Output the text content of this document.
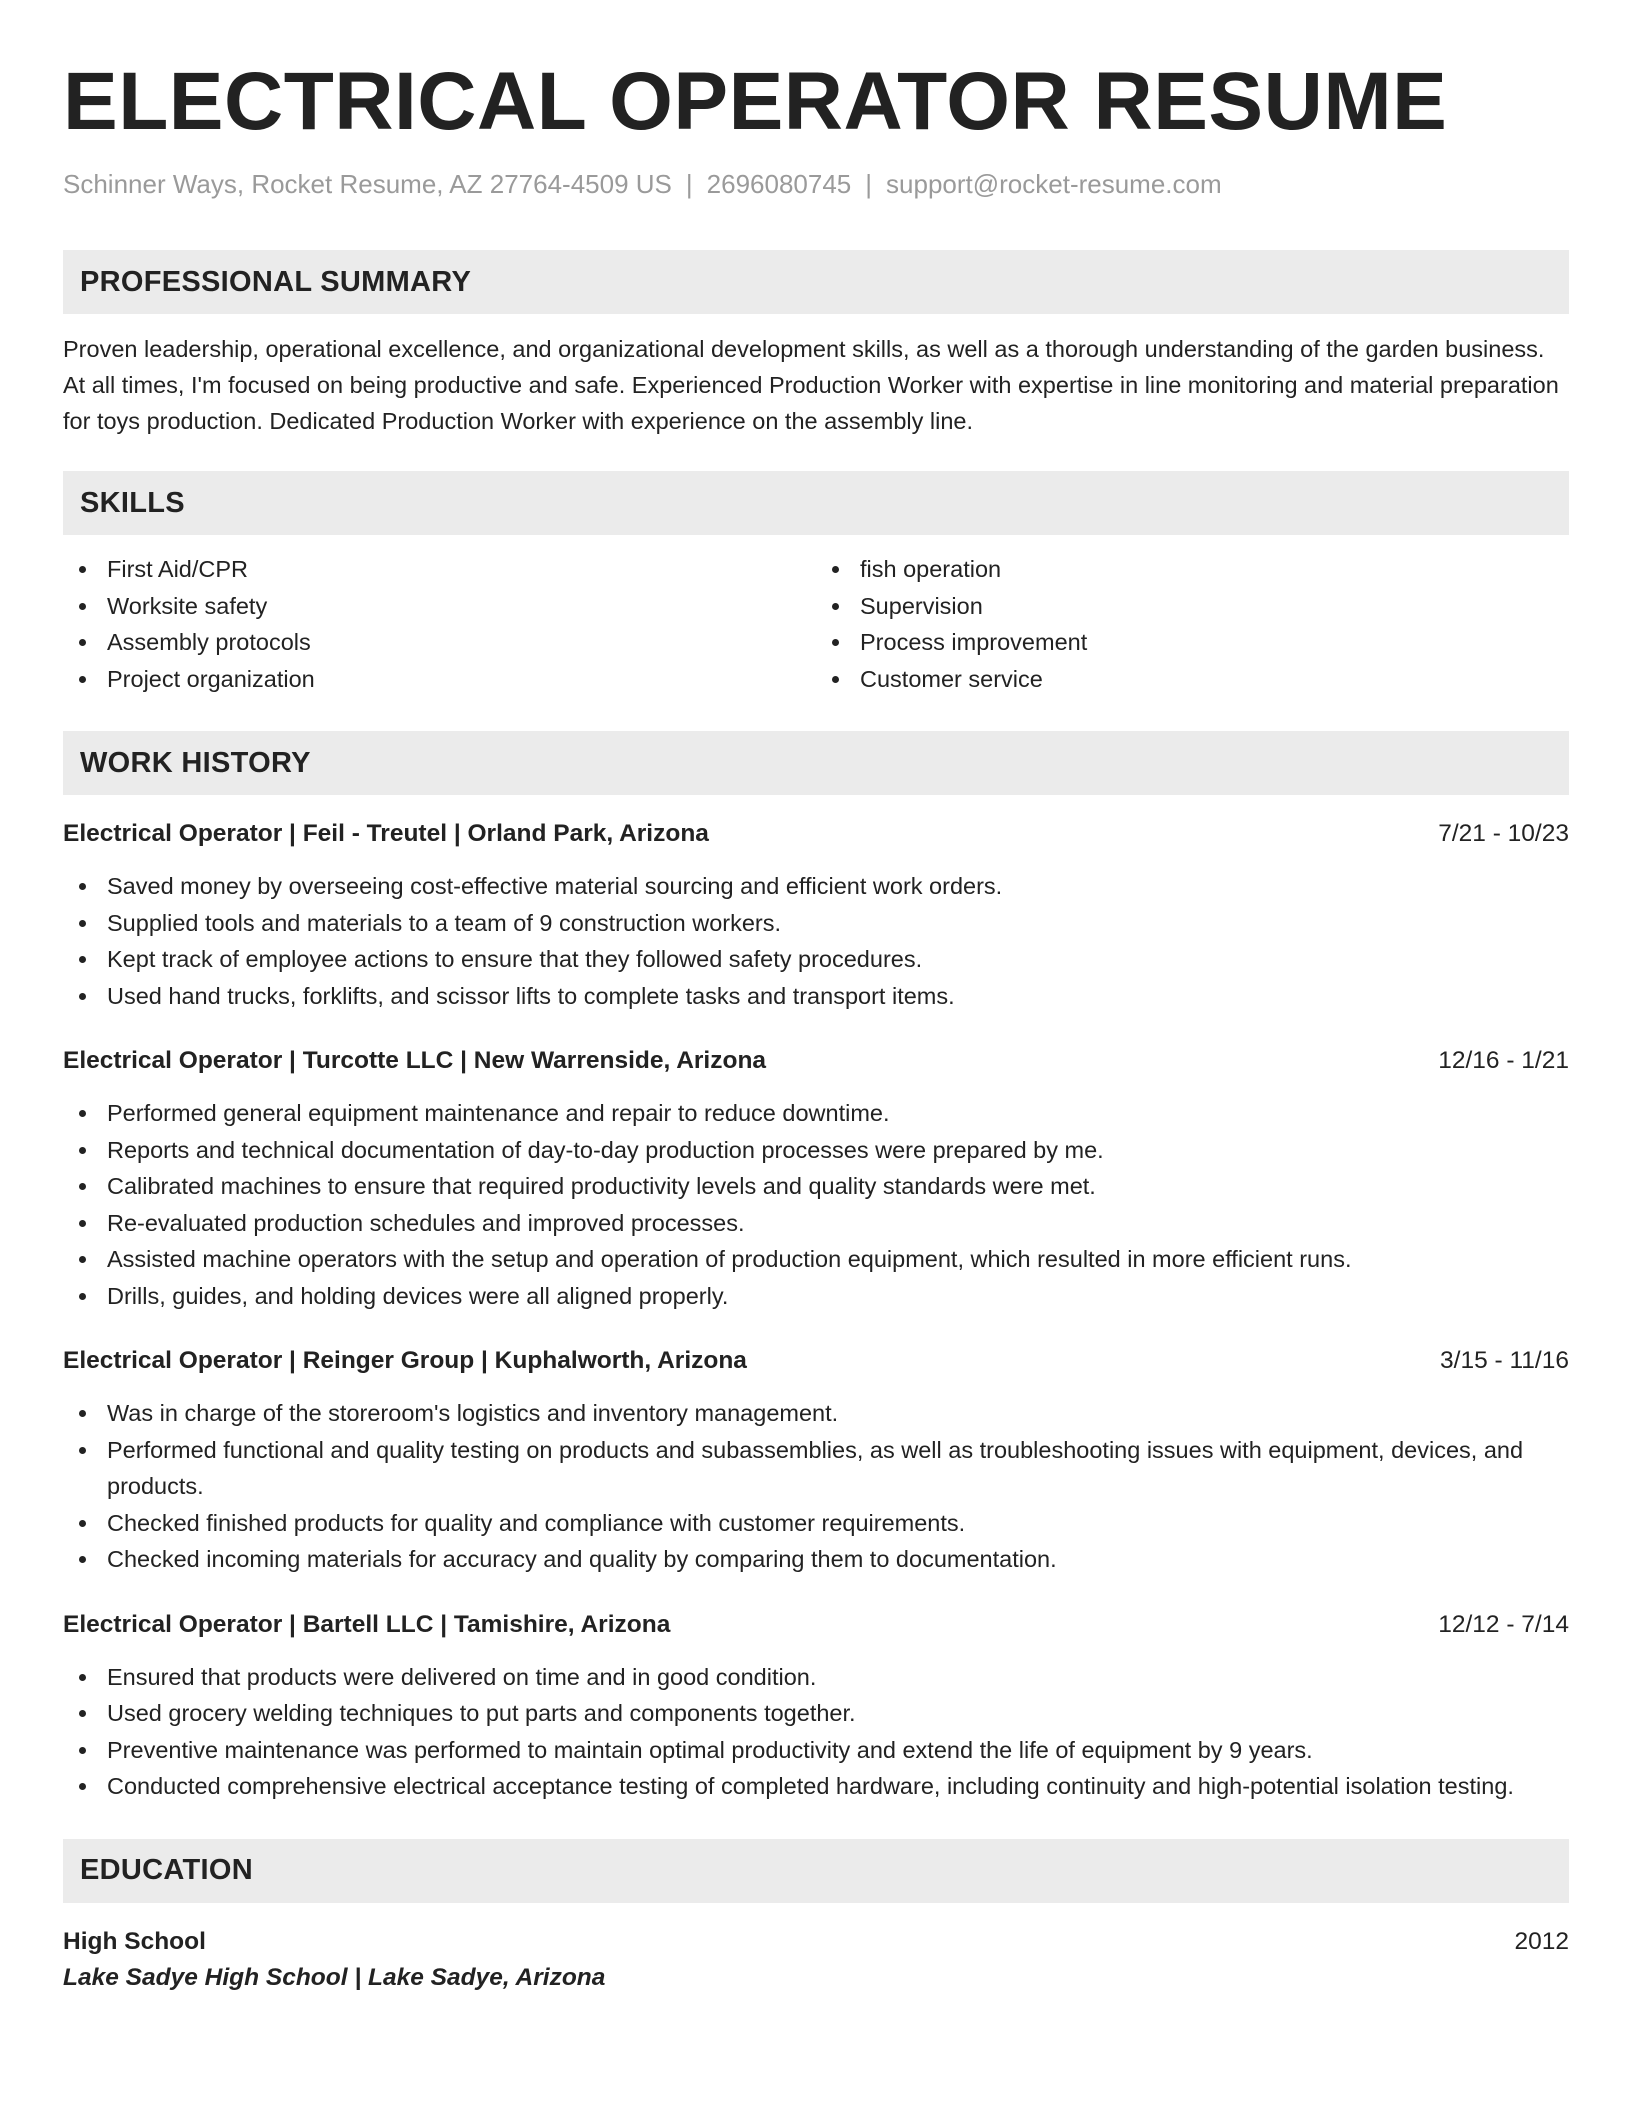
ELECTRICAL OPERATOR RESUME
Schinner Ways, Rocket Resume, AZ 27764-4509 US | 2696080745 | support@rocket-resume.com
PROFESSIONAL SUMMARY

Proven leadership, operational excellence, and organizational development skills, as well as a thorough understanding of the garden business. At all times, I'm focused on being productive and safe. Experienced Production Worker with expertise in line monitoring and material preparation for toys production. Dedicated Production Worker with experience on the assembly line.

SKILLS
First Aid/CPR
Worksite safety
Assembly protocols
Project organization
fish operation
Supervision
Process improvement
Customer service
WORK HISTORY
Electrical Operator | Feil - Treutel | Orland Park, Arizona	7/21 - 10/23
Saved money by overseeing cost-effective material sourcing and efficient work orders.
Supplied tools and materials to a team of 9 construction workers.
Kept track of employee actions to ensure that they followed safety procedures.
Used hand trucks, forklifts, and scissor lifts to complete tasks and transport items.
Electrical Operator | Turcotte LLC | New Warrenside, Arizona	12/16 - 1/21
Performed general equipment maintenance and repair to reduce downtime.
Reports and technical documentation of day-to-day production processes were prepared by me.
Calibrated machines to ensure that required productivity levels and quality standards were met.
Re-evaluated production schedules and improved processes.
Assisted machine operators with the setup and operation of production equipment, which resulted in more efficient runs.
Drills, guides, and holding devices were all aligned properly.
Electrical Operator | Reinger Group | Kuphalworth, Arizona	3/15 - 11/16
Was in charge of the storeroom's logistics and inventory management.
Performed functional and quality testing on products and subassemblies, as well as troubleshooting issues with equipment, devices, and products.
Checked finished products for quality and compliance with customer requirements.
Checked incoming materials for accuracy and quality by comparing them to documentation.
Electrical Operator | Bartell LLC | Tamishire, Arizona	12/12 - 7/14
Ensured that products were delivered on time and in good condition.
Used grocery welding techniques to put parts and components together.
Preventive maintenance was performed to maintain optimal productivity and extend the life of equipment by 9 years.
Conducted comprehensive electrical acceptance testing of completed hardware, including continuity and high-potential isolation testing.
EDUCATION
High School	2012
Lake Sadye High School | Lake Sadye, Arizona
